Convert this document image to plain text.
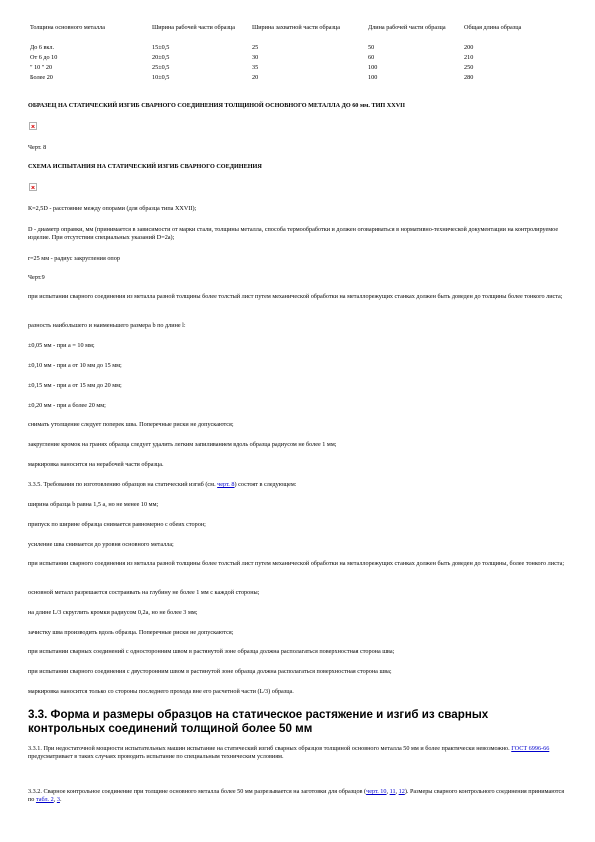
Толщина основного металла	Ширина рабочей части образца	Ширина захватной части образца	Длина рабочей части образца	Общая длина образца
До 6 вкл.	15±0,5	25	50	200
От 6 до 10	20±0,5	30	60	210
" 10 " 20	25±0,5	35	100	250
Более 20	10±0,5	20	100	280

ОБРАЗЕЦ НА СТАТИЧЕСКИЙ ИЗГИБ СВАРНОГО СОЕДИНЕНИЯ ТОЛЩИНОЙ ОСНОВНОГО МЕТАЛЛА ДО 60 мм. ТИП XXVII

Черт. 8

СХЕМА ИСПЫТАНИЯ НА СТАТИЧЕСКИЙ ИЗГИБ СВАРНОГО СОЕДИНЕНИЯ

К=2,5D - расстояние между опорами (для образца типа XXVII);

D - диаметр оправки, мм (принимается в зависимости от марки стали, толщины металла, способа термообработки и должен оговариваться в нормативно-технической документации на контролируемое изделие. При отсутствии специальных указаний D=2а);

r=25 мм - радиус закругления опор

Черт.9

при испытании сварного соединения из металла разной толщины более толстый лист путем механической обработки на металлорежущих станках должен быть доведен до толщины более тонкого листа;

разность наибольшего и наименьшего размера b по длине l:

±0,05 мм - при a = 10 мм;

±0,10 мм - при a от 10 мм до 15 мм;

±0,15 мм - при a от 15 мм до 20 мм;

±0,20 мм - при a более 20 мм;

снимать утолщение следует поперек шва. Поперечные риски не допускаются;

закругление кромок на гранях образца следует удалить легким запиливанием вдоль образца радиусом не более 1 мм;

маркировка наносится на нерабочей части образца.

3.3.5. Требования по изготовлению образцов на статический изгиб (см. черт. 8) состоят в следующем:

ширина образца b равна 1,5 а, но не менее 10 мм;

припуск по ширине образца снимается равномерно с обеих сторон;

усиление шва снимается до уровня основного металла;

при испытании сварного соединения из металла разной толщины более толстый лист путем механической обработки на металлорежущих станках должен быть доведен до толщины, более тонкого листа;

основной металл разрешается состраивать на глубину не более 1 мм с каждой стороны;

на длине L/3 скруглить кромки радиусом 0,2а, но не более 3 мм;

зачистку шва производить вдоль образца. Поперечные риски не допускаются;

при испытании сварных соединений с односторонним швом в растянутой зоне образца должна располагаться поверхностная сторона шва;

при испытании сварного соединения с двусторонним швом в растянутой зоне образца должна располагаться поверхностная сторона шва;

маркировка наносится только со стороны последнего прохода вне его расчетной части (L/3) образца.

3.3. Форма и размеры образцов на статическое растяжение и изгиб из сварных контрольных соединений толщиной более 50 мм

3.3.1. При недостаточной мощности испытательных машин испытание на статический изгиб сварных образцов толщиной основного металла 50 мм и более практически невозможно. ГОСТ 6996-66 предусматривает в таких случаях проводить испытание по специальным техническим условиям.

3.3.2. Сварное контрольное соединение при толщине основного металла более 50 мм разрезывается на заготовки для образцов (черт. 10, 11, 12). Размеры сварного контрольного соединения принимаются по табл. 2, 3.
